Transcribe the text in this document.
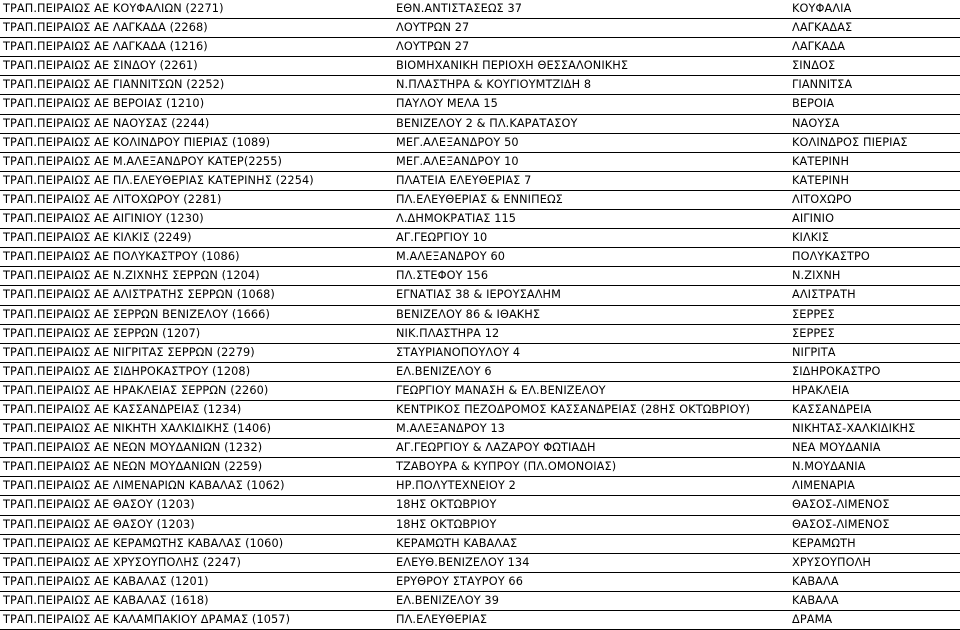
ΤΡΑΠ.ΠΕΙΡΑΙΩΣ ΑΕ ΚΟΥΦΑΛΙΩΝ (2271)	ΕΘΝ.ΑΝΤΙΣΤΑΣΕΩΣ 37	ΚΟΥΦΑΛΙΑ
ΤΡΑΠ.ΠΕΙΡΑΙΩΣ ΑΕ ΛΑΓΚΑΔΑ (2268)	ΛΟΥΤΡΩΝ 27	ΛΑΓΚΑΔΑΣ
ΤΡΑΠ.ΠΕΙΡΑΙΩΣ ΑΕ ΛΑΓΚΑΔΑ (1216)	ΛΟΥΤΡΩΝ 27	ΛΑΓΚΑΔΑ
ΤΡΑΠ.ΠΕΙΡΑΙΩΣ ΑΕ ΣΙΝΔΟΥ (2261)	ΒΙΟΜΗΧΑΝΙΚΗ ΠΕΡΙΟΧΗ ΘΕΣΣΑΛΟΝΙΚΗΣ	ΣΙΝΔΟΣ
ΤΡΑΠ.ΠΕΙΡΑΙΩΣ ΑΕ ΓΙΑΝΝΙΤΣΩΝ (2252)	Ν.ΠΛΑΣΤΗΡΑ & ΚΟΥΓΙΟΥΜΤΖΙΔΗ 8	ΓΙΑΝΝΙΤΣΑ
ΤΡΑΠ.ΠΕΙΡΑΙΩΣ ΑΕ ΒΕΡΟΙΑΣ (1210)	ΠΑΥΛΟΥ ΜΕΛΑ 15	ΒΕΡΟΙΑ
ΤΡΑΠ.ΠΕΙΡΑΙΩΣ ΑΕ ΝΑΟΥΣΑΣ (2244)	ΒΕΝΙΖΕΛΟΥ 2 & ΠΛ.ΚΑΡΑΤΑΣΟΥ	ΝΑΟΥΣΑ
ΤΡΑΠ.ΠΕΙΡΑΙΩΣ ΑΕ ΚΟΛΙΝΔΡΟΥ ΠΙΕΡΙΑΣ (1089)	ΜΕΓ.ΑΛΕΞΑΝΔΡΟΥ 50	ΚΟΛΙΝΔΡΟΣ ΠΙΕΡΙΑΣ
ΤΡΑΠ.ΠΕΙΡΑΙΩΣ ΑΕ Μ.ΑΛΕΞΑΝΔΡΟΥ ΚΑΤΕΡ(2255)	ΜΕΓ.ΑΛΕΞΑΝΔΡΟΥ 10	ΚΑΤΕΡΙΝΗ
ΤΡΑΠ.ΠΕΙΡΑΙΩΣ ΑΕ ΠΛ.ΕΛΕΥΘΕΡΙΑΣ ΚΑΤΕΡΙΝΗΣ (2254)	ΠΛΑΤΕΙΑ ΕΛΕΥΘΕΡΙΑΣ 7	ΚΑΤΕΡΙΝΗ
ΤΡΑΠ.ΠΕΙΡΑΙΩΣ ΑΕ ΛΙΤΟΧΩΡΟΥ (2281)	ΠΛ.ΕΛΕΥΘΕΡΙΑΣ & ΕΝΝΙΠΕΩΣ	ΛΙΤΟΧΩΡΟ
ΤΡΑΠ.ΠΕΙΡΑΙΩΣ ΑΕ ΑΙΓΙΝΙΟΥ (1230)	Λ.ΔΗΜΟΚΡΑΤΙΑΣ 115	ΑΙΓΙΝΙΟ
ΤΡΑΠ.ΠΕΙΡΑΙΩΣ ΑΕ ΚΙΛΚΙΣ (2249)	ΑΓ.ΓΕΩΡΓΙΟΥ 10	ΚΙΛΚΙΣ
ΤΡΑΠ.ΠΕΙΡΑΙΩΣ ΑΕ ΠΟΛΥΚΑΣΤΡΟΥ (1086)	Μ.ΑΛΕΞΑΝΔΡΟΥ 60	ΠΟΛΥΚΑΣΤΡΟ
ΤΡΑΠ.ΠΕΙΡΑΙΩΣ ΑΕ Ν.ΖΙΧΝΗΣ ΣΕΡΡΩΝ (1204)	ΠΛ.ΣΤΕΦΟΥ 156	Ν.ΖΙΧΝΗ
ΤΡΑΠ.ΠΕΙΡΑΙΩΣ ΑΕ ΑΛΙΣΤΡΑΤΗΣ ΣΕΡΡΩΝ (1068)	ΕΓΝΑΤΙΑΣ 38 & ΙΕΡΟΥΣΑΛΗΜ	ΑΛΙΣΤΡΑΤΗ
ΤΡΑΠ.ΠΕΙΡΑΙΩΣ ΑΕ ΣΕΡΡΩΝ ΒΕΝΙΖΕΛΟΥ (1666)	ΒΕΝΙΖΕΛΟΥ 86 & ΙΘΑΚΗΣ	ΣΕΡΡΕΣ
ΤΡΑΠ.ΠΕΙΡΑΙΩΣ ΑΕ ΣΕΡΡΩΝ (1207)	ΝΙΚ.ΠΛΑΣΤΗΡΑ 12	ΣΕΡΡΕΣ
ΤΡΑΠ.ΠΕΙΡΑΙΩΣ ΑΕ ΝΙΓΡΙΤΑΣ ΣΕΡΡΩΝ (2279)	ΣΤΑΥΡΙΑΝΟΠΟΥΛΟΥ 4	ΝΙΓΡΙΤΑ
ΤΡΑΠ.ΠΕΙΡΑΙΩΣ ΑΕ ΣΙΔΗΡΟΚΑΣΤΡΟΥ (1208)	ΕΛ.ΒΕΝΙΖΕΛΟΥ 6	ΣΙΔΗΡΟΚΑΣΤΡΟ
ΤΡΑΠ.ΠΕΙΡΑΙΩΣ ΑΕ ΗΡΑΚΛΕΙΑΣ ΣΕΡΡΩΝ (2260)	ΓΕΩΡΓΙΟΥ ΜΑΝΑΣΗ & ΕΛ.ΒΕΝΙΖΕΛΟΥ	ΗΡΑΚΛΕΙΑ
ΤΡΑΠ.ΠΕΙΡΑΙΩΣ ΑΕ ΚΑΣΣΑΝΔΡΕΙΑΣ (1234)	ΚΕΝΤΡΙΚΟΣ ΠΕΖΟΔΡΟΜΟΣ ΚΑΣΣΑΝΔΡΕΙΑΣ (28ΗΣ ΟΚΤΩΒΡΙΟΥ)	ΚΑΣΣΑΝΔΡΕΙΑ
ΤΡΑΠ.ΠΕΙΡΑΙΩΣ ΑΕ ΝΙΚΗΤΗ ΧΑΛΚΙΔΙΚΗΣ (1406)	Μ.ΑΛΕΞΑΝΔΡΟΥ 13	ΝΙΚΗΤΑΣ-ΧΑΛΚΙΔΙΚΗΣ
ΤΡΑΠ.ΠΕΙΡΑΙΩΣ ΑΕ ΝΕΩΝ ΜΟΥΔΑΝΙΩΝ (1232)	ΑΓ.ΓΕΩΡΓΙΟΥ & ΛΑΖΑΡΟΥ ΦΩΤΙΑΔΗ	ΝΕΑ ΜΟΥΔΑΝΙΑ
ΤΡΑΠ.ΠΕΙΡΑΙΩΣ ΑΕ ΝΕΩΝ ΜΟΥΔΑΝΙΩΝ (2259)	ΤΖΑΒΟΥΡΑ & ΚΥΠΡΟΥ (ΠΛ.ΟΜΟΝΟΙΑΣ)	Ν.ΜΟΥΔΑΝΙΑ
ΤΡΑΠ.ΠΕΙΡΑΙΩΣ ΑΕ ΛΙΜΕΝΑΡΙΩΝ ΚΑΒΑΛΑΣ (1062)	ΗΡ.ΠΟΛΥΤΕΧΝΕΙΟΥ 2	ΛΙΜΕΝΑΡΙΑ
ΤΡΑΠ.ΠΕΙΡΑΙΩΣ ΑΕ ΘΑΣΟΥ (1203)	18ΗΣ ΟΚΤΩΒΡΙΟΥ	ΘΑΣΟΣ-ΛΙΜΕΝΟΣ
ΤΡΑΠ.ΠΕΙΡΑΙΩΣ ΑΕ ΘΑΣΟΥ (1203)	18ΗΣ ΟΚΤΩΒΡΙΟΥ	ΘΑΣΟΣ-ΛΙΜΕΝΟΣ
ΤΡΑΠ.ΠΕΙΡΑΙΩΣ ΑΕ ΚΕΡΑΜΩΤΗΣ ΚΑΒΑΛΑΣ (1060)	ΚΕΡΑΜΩΤΗ ΚΑΒΑΛΑΣ	ΚΕΡΑΜΩΤΗ
ΤΡΑΠ.ΠΕΙΡΑΙΩΣ ΑΕ ΧΡΥΣΟΥΠΟΛΗΣ (2247)	ΕΛΕΥΘ.ΒΕΝΙΖΕΛΟΥ 134	ΧΡΥΣΟΥΠΟΛΗ
ΤΡΑΠ.ΠΕΙΡΑΙΩΣ ΑΕ ΚΑΒΑΛΑΣ (1201)	ΕΡΥΘΡΟΥ ΣΤΑΥΡΟΥ 66	ΚΑΒΑΛΑ
ΤΡΑΠ.ΠΕΙΡΑΙΩΣ ΑΕ ΚΑΒΑΛΑΣ (1618)	ΕΛ.ΒΕΝΙΖΕΛΟΥ 39	ΚΑΒΑΛΑ
ΤΡΑΠ.ΠΕΙΡΑΙΩΣ ΑΕ ΚΑΛΑΜΠΑΚΙΟΥ ΔΡΑΜΑΣ (1057)	ΠΛ.ΕΛΕΥΘΕΡΙΑΣ	ΔΡΑΜΑ
